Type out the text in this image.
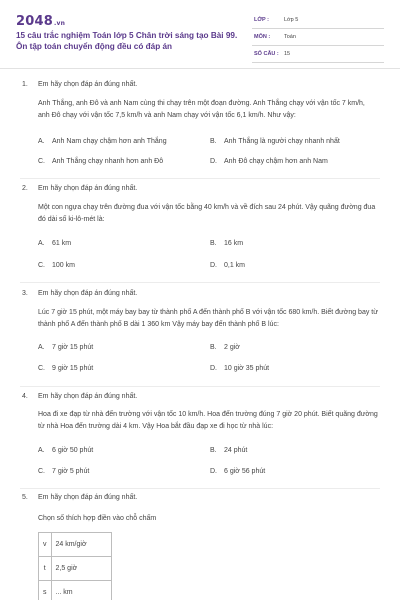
2048.vn
15 câu trắc nghiệm Toán lớp 5 Chân trời sáng tạo Bài 99. Ôn tập toán chuyển động đều có đáp án
LỚP :	Lớp 5
MÔN :	Toán
SỐ CÂU : 15
1. Em hãy chọn đáp án đúng nhất.
Anh Thắng, anh Đô và anh Nam cùng thi chạy trên một đoạn đường. Anh Thắng chạy với vận tốc 7 km/h, anh Đô chạy với vận tốc 7,5 km/h và anh Nam chạy với vận tốc 6,1 km/h. Như vậy:
A. Anh Nam chạy chậm hơn anh Thắng	B. Anh Thắng là người chạy nhanh nhất
C. Anh Thắng chạy nhanh hơn anh Đô	D. Anh Đô chạy chậm hơn anh Nam
2. Em hãy chọn đáp án đúng nhất.
Một con ngựa chạy trên đường đua với vận tốc bằng 40 km/h và về đích sau 24 phút. Vậy quãng đường đua đó dài số ki-lô-mét là:
A. 61 km	B. 16 km
C. 100 km	D. 0,1 km
3. Em hãy chọn đáp án đúng nhất.
Lúc 7 giờ 15 phút, một máy bay bay từ thành phố A đến thành phố B với vận tốc 680 km/h. Biết đường bay từ thành phố A đến thành phố B dài 1 360 km Vậy máy bay đến thành phố B lúc:
A. 7 giờ 15 phút	B. 2 giờ
C. 9 giờ 15 phút	D. 10 giờ 35 phút
4. Em hãy chọn đáp án đúng nhất.
Hoa đi xe đạp từ nhà đến trường với vận tốc 10 km/h. Hoa đến trường đúng 7 giờ 20 phút. Biết quãng đường từ nhà Hoa đến trường dài 4 km. Vậy Hoa bắt đầu đạp xe đi học từ nhà lúc:
A. 6 giờ 50 phút	B. 24 phút
C. 7 giờ 5 phút	D. 6 giờ 56 phút
5. Em hãy chọn đáp án đúng nhất.
Chọn số thích hợp điền vào chỗ chấm
v	24 km/giờ
t	2,5 giờ
s	... km
